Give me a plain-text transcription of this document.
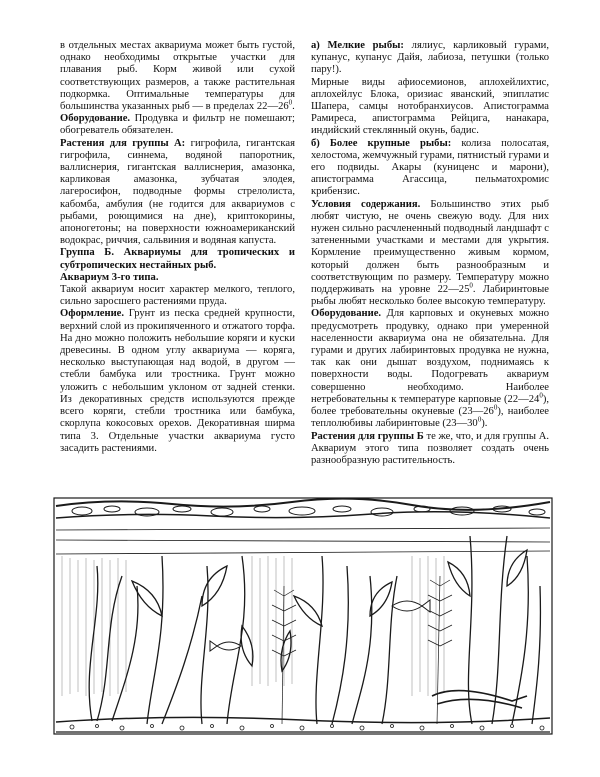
в отдельных местах аквариума может быть густой, однако необходимы открытые участки для плавания рыб. Корм живой или сухой соответствующих размеров, а также растительная подкормка. Оптимальные температуры для большинства указанных рыб — в пределах $22—26^0$.

Оборудование. Продувка и фильтр не помешают; обогреватель обязателен.

Растения для группы А: гигрофила, гигантская гигрофила, синнема, водяной папоротник, валлиснерия, гигантская валлиснерия, амазонка, карликовая амазонка, зубчатая элодея, лагеросифон, подводные формы стрелолиста, кабомба, амбулия (не годится для аквариумов с рыбами, роющимися на дне), криптокорины, апоногетоны; на поверхности южноамериканский водокрас, риччия, сальвиния и водяная капуста.

Группа Б. Аквариумы для тропических и субтропических нестайных рыб.

Аквариум 3-го типа.

Такой аквариум носит характер мелкого, теплого, сильно заросшего растениями пруда.

Оформление. Грунт из песка средней крупности, верхний слой из прокипяченного и отжатого торфа. На дно можно положить небольшие коряги и куски древесины. В одном углу аквариума — коряга, несколько выступающая над водой, в другом — стебли бамбука или тростника. Грунт можно уложить с небольшим уклоном от задней стенки. Из декоративных средств используются прежде всего коряги, стебли тростника или бамбука, скорлупа кокосовых орехов. Декоративная ширма типа 3. Отдельные участки аквариума густо засадить растениями.

а) Мелкие рыбы: лялиус, карликовый гурами, купанус, купанус Дайя, лабиоза, петушки (только пару!).

Мирные виды афиосемионов, аплохейлихтис, аплохейлус Блока, оризиас яванский, эпиплатис Шапера, самцы нотобранхиусов. Апистограмма Рамиреса, апистограмма Рейцига, нанакара, индийский стеклянный окунь, бадис.

б) Более крупные рыбы: колиза полосатая, хелостома, жемчужный гурами, пятнистый гурами и его подвиды. Акары (куниценс и марони), апистограмма Агассица, пельматохромис крибензис.

Условия содержания. Большинство этих рыб любят чистую, не очень свежую воду. Для них нужен сильно расчлененный подводный ландшафт с затененными участками и местами для укрытия. Кормление преимущественно живым кормом, который должен быть разнообразным и соответствующим по размеру. Температуру можно поддерживать на уровне $22—25^0$. Лабиринтовые рыбы любят несколько более высокую температуру.

Оборудование. Для карповых и окуневых можно предусмотреть продувку, однако при умеренной населенности аквариума она не обязательна. Для гурами и других лабиринтовых продувка не нужна, так как они дышат воздухом, поднимаясь к поверхности воды. Подогревать аквариум совершенно необходимо. Наиболее нетребовательны к температуре карповые $(22—24^0)$, более требовательны окуневые $(23—26^0)$, наиболее теплолюбивы лабиринтовые $(23—30^0)$.

Растения для группы Б те же, что, и для группы А. Аквариум этого типа позволяет создать очень разнообразную растительность.
